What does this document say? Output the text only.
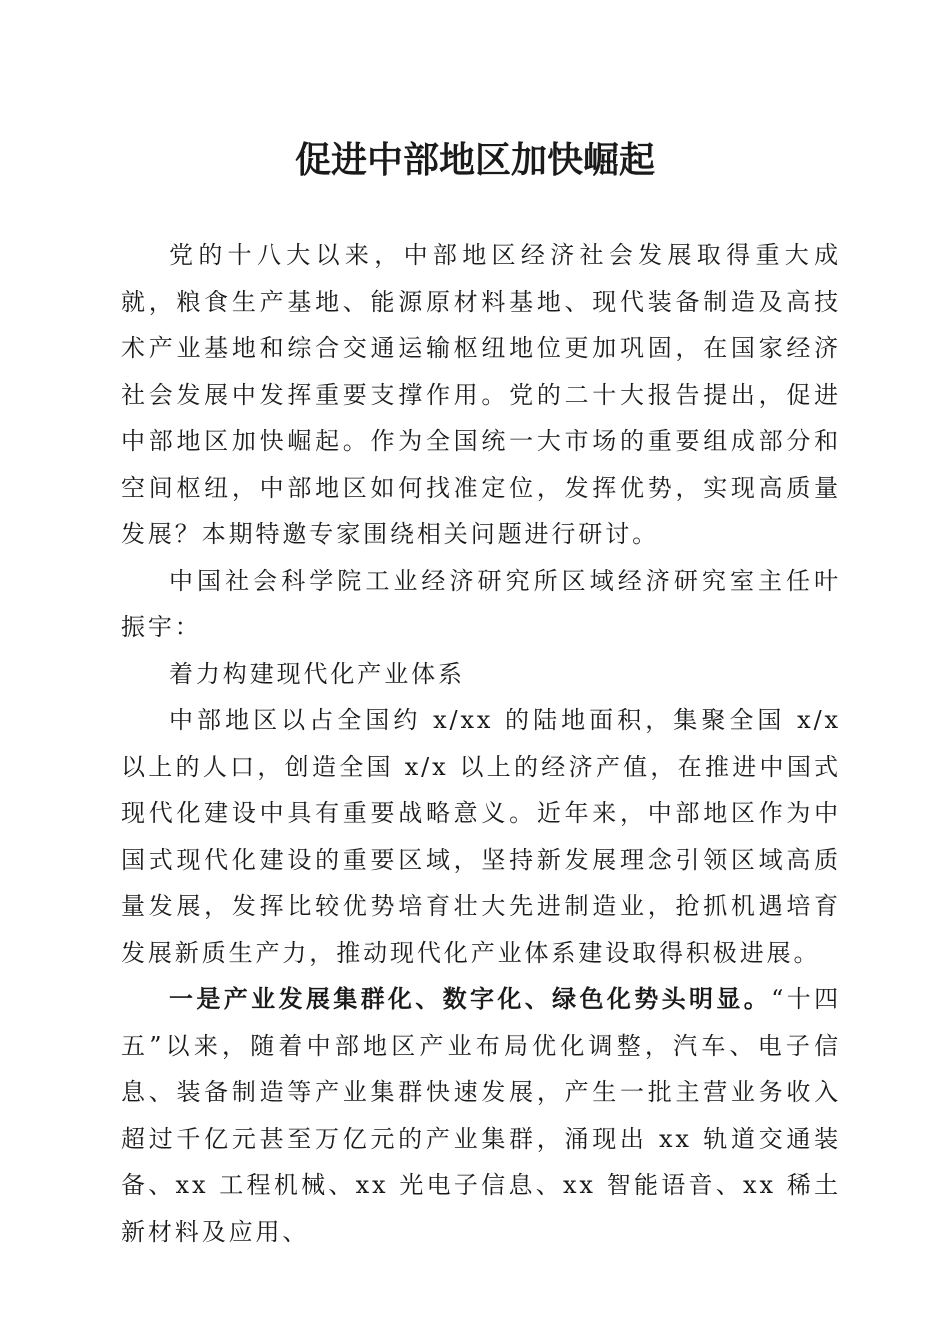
促进中部地区加快崛起

党的十八大以来，中部地区经济社会发展取得重大成就，粮食生产基地、能源原材料基地、现代装备制造及高技术产业基地和综合交通运输枢纽地位更加巩固，在国家经济社会发展中发挥重要支撑作用。党的二十大报告提出，促进中部地区加快崛起。作为全国统一大市场的重要组成部分和空间枢纽，中部地区如何找准定位，发挥优势，实现高质量发展？本期特邀专家围绕相关问题进行研讨。

中国社会科学院工业经济研究所区域经济研究室主任叶振宇：

着力构建现代化产业体系

中部地区以占全国约 x/xx 的陆地面积，集聚全国 x/x 以上的人口，创造全国 x/x 以上的经济产值，在推进中国式现代化建设中具有重要战略意义。近年来，中部地区作为中国式现代化建设的重要区域，坚持新发展理念引领区域高质量发展，发挥比较优势培育壮大先进制造业，抢抓机遇培育发展新质生产力，推动现代化产业体系建设取得积极进展。

一是产业发展集群化、数字化、绿色化势头明显。“十四五”以来，随着中部地区产业布局优化调整，汽车、电子信息、装备制造等产业集群快速发展，产生一批主营业务收入超过千亿元甚至万亿元的产业集群，涌现出 xx 轨道交通装备、xx 工程机械、xx 光电子信息、xx 智能语音、xx 稀土新材料及应用、
